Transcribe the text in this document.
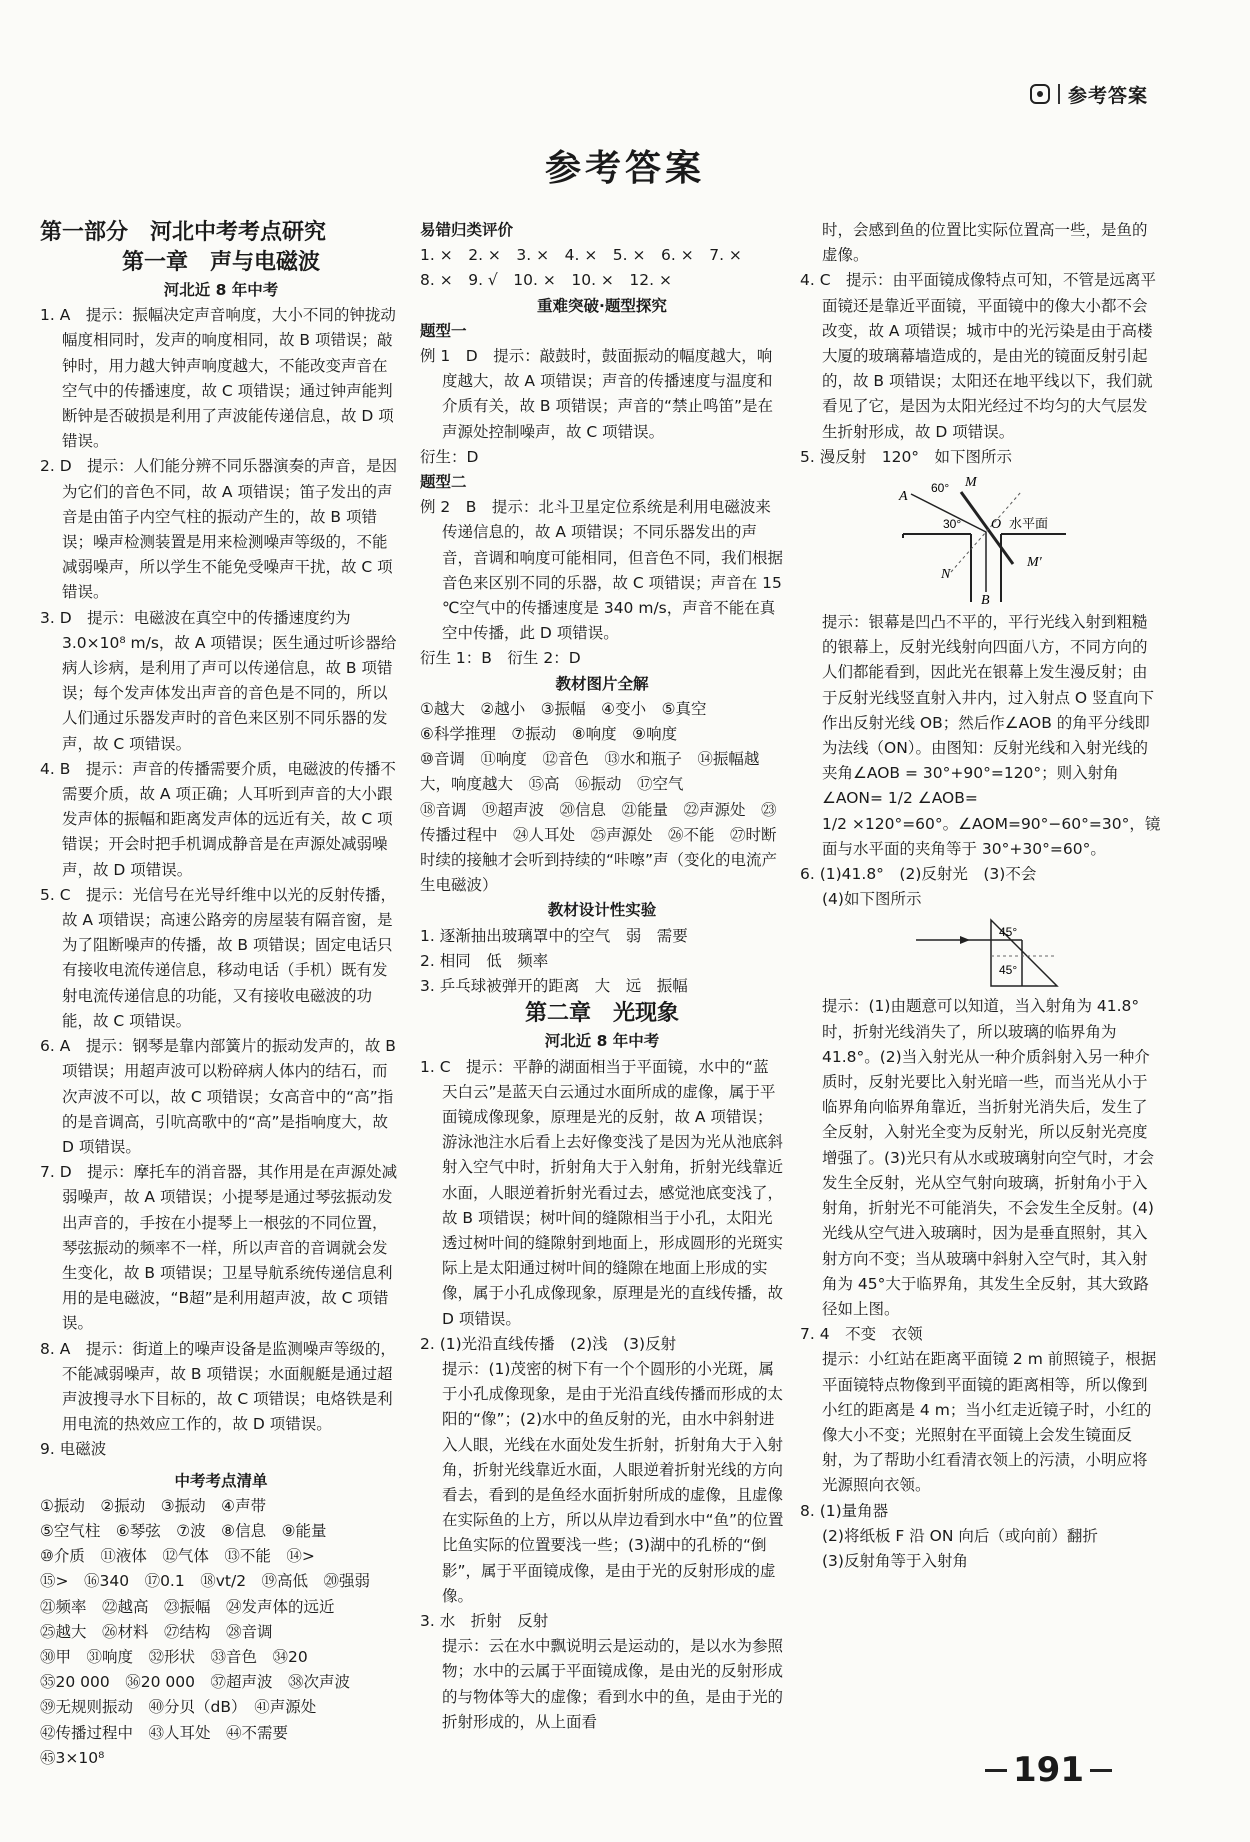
参考答案
参考答案

第一部分　河北中考考点研究

第一章　声与电磁波

河北近 8 年中考

1. A　提示：振幅决定声音响度，大小不同的钟拢动幅度相同时，发声的响度相同，故 B 项错误；敲钟时，用力越大钟声响度越大，不能改变声音在空气中的传播速度，故 C 项错误；通过钟声能判断钟是否破损是利用了声波能传递信息，故 D 项错误。

2. D　提示：人们能分辨不同乐器演奏的声音，是因为它们的音色不同，故 A 项错误；笛子发出的声音是由笛子内空气柱的振动产生的，故 B 项错误；噪声检测装置是用来检测噪声等级的，不能减弱噪声，所以学生不能免受噪声干扰，故 C 项错误。

3. D　提示：电磁波在真空中的传播速度约为 3.0×10⁸ m/s，故 A 项错误；医生通过听诊器给病人诊病，是利用了声可以传递信息，故 B 项错误；每个发声体发出声音的音色是不同的，所以人们通过乐器发声时的音色来区别不同乐器的发声，故 C 项错误。

4. B　提示：声音的传播需要介质，电磁波的传播不需要介质，故 A 项正确；人耳听到声音的大小跟发声体的振幅和距离发声体的远近有关，故 C 项错误；开会时把手机调成静音是在声源处减弱噪声，故 D 项错误。

5. C　提示：光信号在光导纤维中以光的反射传播，故 A 项错误；高速公路旁的房屋装有隔音窗，是为了阻断噪声的传播，故 B 项错误；固定电话只有接收电流传递信息，移动电话（手机）既有发射电流传递信息的功能，又有接收电磁波的功能，故 C 项错误。

6. A　提示：钢琴是靠内部簧片的振动发声的，故 B 项错误；用超声波可以粉碎病人体内的结石，而次声波不可以，故 C 项错误；女高音中的“高”指的是音调高，引吭高歌中的“高”是指响度大，故 D 项错误。

7. D　提示：摩托车的消音器，其作用是在声源处减弱噪声，故 A 项错误；小提琴是通过琴弦振动发出声音的，手按在小提琴上一根弦的不同位置，琴弦振动的频率不一样，所以声音的音调就会发生变化，故 B 项错误；卫星导航系统传递信息利用的是电磁波，“B超”是利用超声波，故 C 项错误。

8. A　提示：街道上的噪声设备是监测噪声等级的，不能减弱噪声，故 B 项错误；水面舰艇是通过超声波搜寻水下目标的，故 C 项错误；电烙铁是利用电流的热效应工作的，故 D 项错误。

9. 电磁波

中考考点清单

①振动　②振动　③振动　④声带

⑤空气柱　⑥琴弦　⑦波　⑧信息　⑨能量

⑩介质　⑪液体　⑫气体　⑬不能　⑭>

⑮>　⑯340　⑰0.1　⑱vt/2　⑲高低　⑳强弱

㉑频率　㉒越高　㉓振幅　㉔发声体的远近

㉕越大　㉖材料　㉗结构　㉘音调

㉚甲　㉛响度　㉜形状　㉝音色　㉞20

㉟20 000　㊱20 000　㊲超声波　㊳次声波

㊴无规则振动　㊵分贝（dB）　㊶声源处

㊷传播过程中　㊸人耳处　㊹不需要

㊺3×10⁸

易错归类评价

1. ×　2. ×　3. ×　4. ×　5. ×　6. ×　7. ×

8. ×　9. √　10. ×　10. ×　12. ×

重难突破·题型探究

题型一

例 1　D　提示：敲鼓时，鼓面振动的幅度越大，响度越大，故 A 项错误；声音的传播速度与温度和介质有关，故 B 项错误；声音的“禁止鸣笛”是在声源处控制噪声，故 C 项错误。

衍生：D

题型二

例 2　B　提示：北斗卫星定位系统是利用电磁波来传递信息的，故 A 项错误；不同乐器发出的声音，音调和响度可能相同，但音色不同，我们根据音色来区别不同的乐器，故 C 项错误；声音在 15 ℃空气中的传播速度是 340 m/s，声音不能在真空中传播，此 D 项错误。

衍生 1：B　衍生 2：D

教材图片全解

①越大　②越小　③振幅　④变小　⑤真空

⑥科学推理　⑦振动　⑧响度　⑨响度

⑩音调　⑪响度　⑫音色　⑬水和瓶子　⑭振幅越大，响度越大　⑮高　⑯振动　⑰空气

⑱音调　⑲超声波　⑳信息　㉑能量　㉒声源处　㉓传播过程中　㉔人耳处　㉕声源处　㉖不能　㉗时断时续的接触才会听到持续的“咔嚓”声（变化的电流产生电磁波）

教材设计性实验

1. 逐渐抽出玻璃罩中的空气　弱　需要

2. 相同　低　频率

3. 乒乓球被弹开的距离　大　远　振幅

第二章　光现象

河北近 8 年中考

1. C　提示：平静的湖面相当于平面镜，水中的“蓝天白云”是蓝天白云通过水面所成的虚像，属于平面镜成像现象，原理是光的反射，故 A 项错误；游泳池注水后看上去好像变浅了是因为光从池底斜射入空气中时，折射角大于入射角，折射光线靠近水面，人眼逆着折射光看过去，感觉池底变浅了，故 B 项错误；树叶间的缝隙相当于小孔，太阳光透过树叶间的缝隙射到地面上，形成圆形的光斑实际上是太阳通过树叶间的缝隙在地面上形成的实像，属于小孔成像现象，原理是光的直线传播，故 D 项错误。

2. (1)光沿直线传播　(2)浅　(3)反射

提示：(1)茂密的树下有一个个圆形的小光斑，属于小孔成像现象，是由于光沿直线传播而形成的太阳的“像”；(2)水中的鱼反射的光，由水中斜射进入人眼，光线在水面处发生折射，折射角大于入射角，折射光线靠近水面，人眼逆着折射光线的方向看去，看到的是鱼经水面折射所成的虚像，且虚像在实际鱼的上方，所以从岸边看到水中“鱼”的位置比鱼实际的位置要浅一些；(3)湖中的孔桥的“倒影”，属于平面镜成像，是由于光的反射形成的虚像。

3. 水　折射　反射

提示：云在水中飘说明云是运动的，是以水为参照物；水中的云属于平面镜成像，是由光的反射形成的与物体等大的虚像；看到水中的鱼，是由于光的折射形成的，从上面看

时，会感到鱼的位置比实际位置高一些，是鱼的虚像。

4. C　提示：由平面镜成像特点可知，不管是远离平面镜还是靠近平面镜，平面镜中的像大小都不会改变，故 A 项错误；城市中的光污染是由于高楼大厦的玻璃幕墙造成的，是由光的镜面反射引起的，故 B 项错误；太阳还在地平线以下，我们就看见了它，是因为太阳光经过不均匀的大气层发生折射形成，故 D 项错误。

5. 漫反射　120°　如下图所示

A
60° M
30° O 水平面
M′
N
B

提示：银幕是凹凸不平的，平行光线入射到粗糙的银幕上，反射光线射向四面八方，不同方向的人们都能看到，因此光在银幕上发生漫反射；由于反射光线竖直射入井内，过入射点 O 竖直向下作出反射光线 OB；然后作∠AOB 的角平分线即为法线（ON）。由图知：反射光线和入射光线的夹角∠AOB = 30°+90°=120°；则入射角∠AON= 1/2 ∠AOB=

1/2 ×120°=60°。∠AOM=90°−60°=30°，镜面与水平面的夹角等于 30°+30°=60°。

6. (1)41.8°　(2)反射光　(3)不会

(4)如下图所示

45°
45°

提示：(1)由题意可以知道，当入射角为 41.8°时，折射光线消失了，所以玻璃的临界角为 41.8°。(2)当入射光从一种介质斜射入另一种介质时，反射光要比入射光暗一些，而当光从小于临界角向临界角靠近，当折射光消失后，发生了全反射，入射光全变为反射光，所以反射光亮度增强了。(3)光只有从水或玻璃射向空气时，才会发生全反射，光从空气射向玻璃，折射角小于入射角，折射光不可能消失，不会发生全反射。(4)光线从空气进入玻璃时，因为是垂直照射，其入射方向不变；当从玻璃中斜射入空气时，其入射角为 45°大于临界角，其发生全反射，其大致路径如上图。

7. 4　不变　衣领

提示：小红站在距离平面镜 2 m 前照镜子，根据平面镜特点物像到平面镜的距离相等，所以像到小红的距离是 4 m；当小红走近镜子时，小红的像大小不变；光照射在平面镜上会发生镜面反射，为了帮助小红看清衣领上的污渍，小明应将光源照向衣领。

8. (1)量角器

(2)将纸板 F 沿 ON 向后（或向前）翻折

(3)反射角等于入射角

191
